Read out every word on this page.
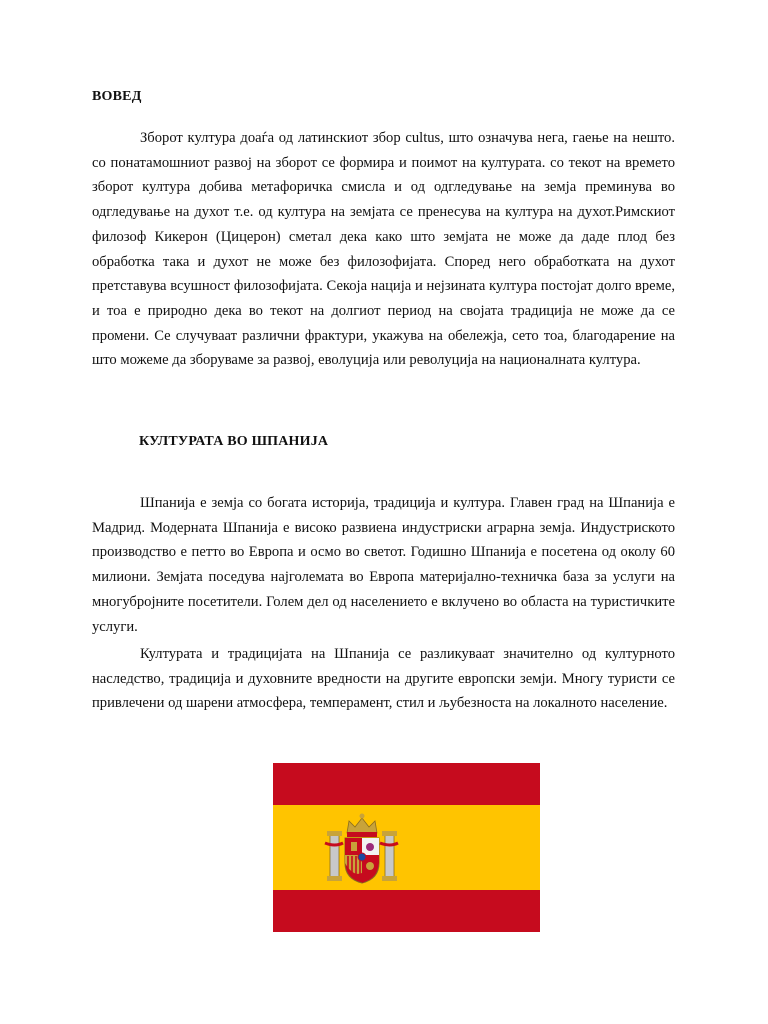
ВОВЕД

Зборот култура доаѓа од латинскиот збор cultus, што означува нега, гаење на нешто. со понатамошниот развој на зборот се формира и поимот на културата. со текот на времето зборот култура добива метафоричка смисла и од одгледување на земја преминува во одгледување на духот т.е. од култура на земјата се пренесува на култура на духот.Римскиот филозоф Кикерон (Цицерон) сметал дека како што земјата не може да даде плод без обработка така и духот не може без филозофијата. Според него обработката на духот претставува всушност филозофијата. Секоја нација и нејзината култура постојат долго време, и тоа е природно дека во текот на долгиот период на својата традиција не може да се промени. Се случуваат различни фрактури, укажува на обележја, сето тоа, благодарение на што можеме да зборуваме за развој, еволуција или револуција на националната култура.

КУЛТУРАТА ВО ШПАНИЈА

Шпанија е земја со богата историја, традиција и култура. Главен град на Шпанија е Мадрид. Модерната Шпанија е високо развиена индустриски аграрна земја. Индустриското производство е петто во Европа и осмо во светот. Годишно Шпанија е посетена од околу 60 милиони. Земјата поседува најголемата во Европа материјално-техничка база за услуги на многубројните посетители. Голем дел од населението е вклучено во областа на туристичките услуги.

Културата и традицијата на Шпанија се разликуваат значително од културното наследство, традиција и духовните вредности на другите европски земји. Многу туристи се привлечени од шарени атмосфера, темперамент, стил и љубезноста на локалното население.
